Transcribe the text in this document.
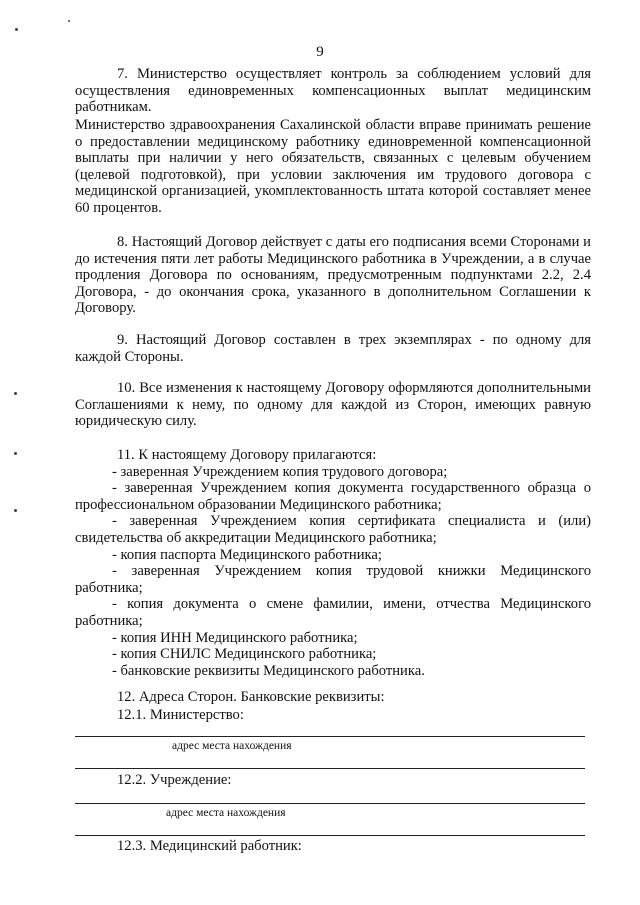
9

7. Министерство осуществляет контроль за соблюдением условий для осуществления единовременных компенсационных выплат медицинским работникам.

Министерство здравоохранения Сахалинской области вправе принимать решение о предоставлении медицинскому работнику единовременной компенсационной выплаты при наличии у него обязательств, связанных с целевым обучением (целевой подготовкой), при условии заключения им трудового договора с медицинской организацией, укомплектованность штата которой составляет менее 60 процентов.

8. Настоящий Договор действует с даты его подписания всеми Сторонами и до истечения пяти лет работы Медицинского работника в Учреждении, а в случае продления Договора по основаниям, предусмотренным подпунктами 2.2, 2.4 Договора, - до окончания срока, указанного в дополнительном Соглашении к Договору.

9. Настоящий Договор составлен в трех экземплярах - по одному для каждой Стороны.

10. Все изменения к настоящему Договору оформляются дополнительными Соглашениями к нему, по одному для каждой из Сторон, имеющих равную юридическую силу.

11. К настоящему Договору прилагаются:

- заверенная Учреждением копия трудового договора;

- заверенная Учреждением копия документа государственного образца о профессиональном образовании Медицинского работника;

- заверенная Учреждением копия сертификата специалиста и (или) свидетельства об аккредитации Медицинского работника;

- копия паспорта Медицинского работника;

- заверенная Учреждением копия трудовой книжки Медицинского работника;

- копия документа о смене фамилии, имени, отчества Медицинского работника;

- копия ИНН Медицинского работника;

- копия СНИЛС Медицинского работника;

- банковские реквизиты Медицинского работника.

12. Адреса Сторон. Банковские реквизиты:
12.1. Министерство:
адрес места нахождения
12.2. Учреждение:
адрес места нахождения
12.3. Медицинский работник:
